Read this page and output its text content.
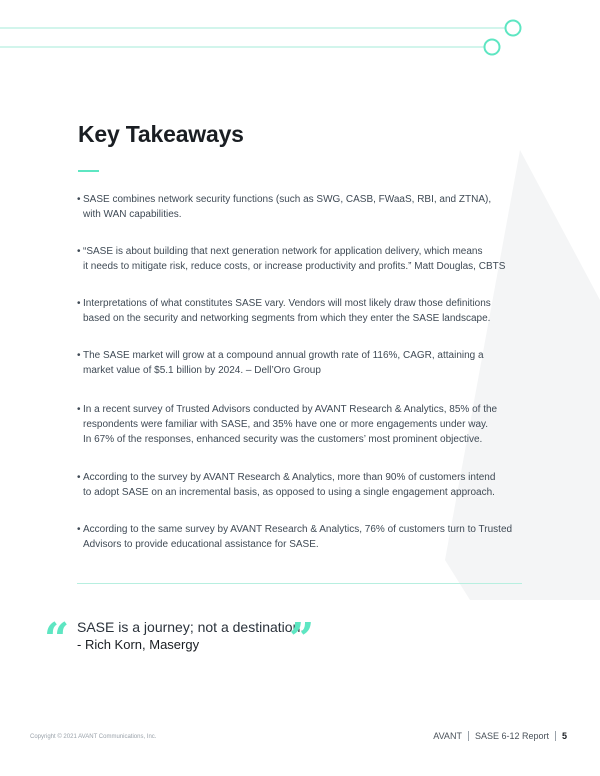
Key Takeaways
• SASE combines network security functions (such as SWG, CASB, FWaaS, RBI, and ZTNA),
with WAN capabilities.
• “SASE is about building that next generation network for application delivery, which means
it needs to mitigate risk, reduce costs, or increase productivity and profits.” Matt Douglas, CBTS
• Interpretations of what constitutes SASE vary. Vendors will most likely draw those definitions
based on the security and networking segments from which they enter the SASE landscape.
• The SASE market will grow at a compound annual growth rate of 116%, CAGR, attaining a
market value of $5.1 billion by 2024. – Dell’Oro Group
• In a recent survey of Trusted Advisors conducted by AVANT Research & Analytics, 85% of the
respondents were familiar with SASE, and 35% have one or more engagements under way.
In 67% of the responses, enhanced security was the customers’ most prominent objective.
• According to the survey by AVANT Research & Analytics, more than 90% of customers intend
to adopt SASE on an incremental basis, as opposed to using a single engagement approach.
• According to the same survey by AVANT Research & Analytics, 76% of customers turn to Trusted
Advisors to provide educational assistance for SASE.
“ SASE is a journey; not a destination.
- Rich Korn, Masergy ”
Copyright © 2021 AVANT Communications, Inc.	AVANT SASE 6-12 Report 5
